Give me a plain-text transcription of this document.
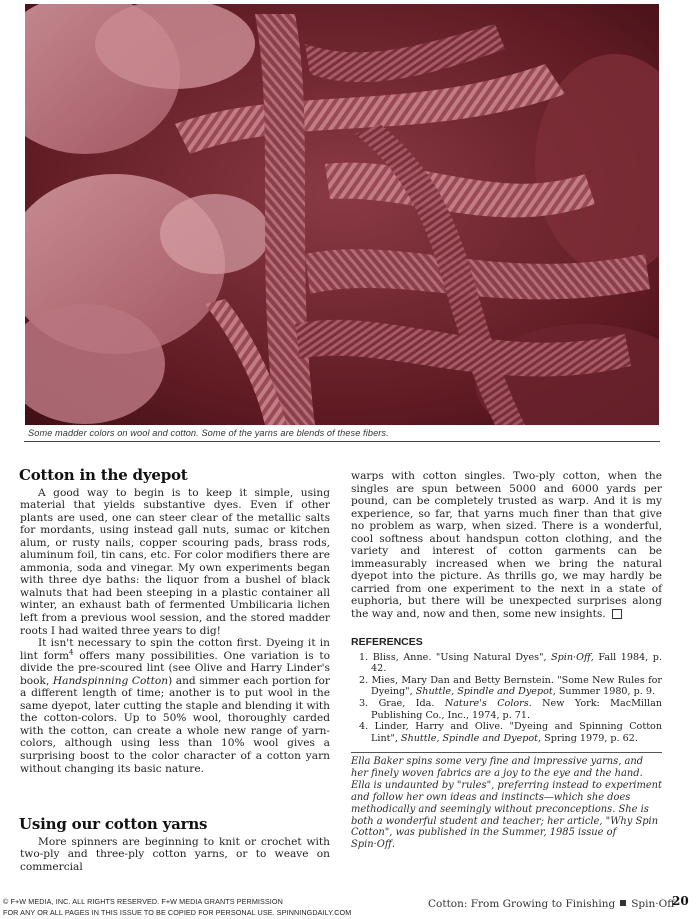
Some madder colors on wool and cotton. Some of the yarns are blends of these fibers.
Cotton in the dyepot

A good way to begin is to keep it simple, using material that yields substantive dyes. Even if other plants are used, one can steer clear of the metallic salts for mordants, using instead gall nuts, sumac or kitchen alum, or rusty nails, copper scouring pads, brass rods, aluminum foil, tin cans, etc. For color modifiers there are ammonia, soda and vinegar. My own experiments began with three dye baths: the liquor from a bushel of black walnuts that had been steeping in a plastic container all winter, an exhaust bath of fermented Umbilicaria lichen left from a previous wool session, and the stored madder roots I had waited three years to dig!

It isn't necessary to spin the cotton first. Dyeing it in lint form$^4$ offers many possibilities. One variation is to divide the pre-scoured lint (see Olive and Harry Linder's book, Handspinning Cotton) and simmer each portion for a different length of time; another is to put wool in the same dyepot, later cutting the staple and blending it with the cotton-colors. Up to 50% wool, thoroughly carded with the cotton, can create a whole new range of yarn-colors, although using less than 10% wool gives a surprising boost to the color character of a cotton yarn without changing its basic nature.

Using our cotton yarns

More spinners are beginning to knit or crochet with two-ply and three-ply cotton yarns, or to weave on commercial

warps with cotton singles. Two-ply cotton, when the singles are spun between 5000 and 6000 yards per pound, can be completely trusted as warp. And it is my experience, so far, that yarns much finer than that give no problem as warp, when sized. There is a wonderful, cool softness about handspun cotton clothing, and the variety and interest of cotton garments can be immeasurably increased when we bring the natural dyepot into the picture. As thrills go, we may hardly be carried from one experiment to the next in a state of euphoria, but there will be unexpected surprises along the way and, now and then, some new insights.

REFERENCES

1. Bliss, Anne. "Using Natural Dyes", Spin·Off, Fall 1984, p. 42.

2. Mies, Mary Dan and Betty Bernstein. "Some New Rules for Dyeing", Shuttle, Spindle and Dyepot, Summer 1980, p. 9.

3. Grae, Ida. Nature's Colors. New York: MacMillan Publishing Co., Inc., 1974, p. 71.

4. Linder, Harry and Olive. "Dyeing and Spinning Cotton Lint", Shuttle, Spindle and Dyepot, Spring 1979, p. 62.

Ella Baker spins some very fine and impressive yarns, and her finely woven fabrics are a joy to the eye and the hand. Ella is undaunted by "rules", preferring instead to experiment and follow her own ideas and instincts—which she does methodically and seemingly without preconceptions. She is both a wonderful student and teacher; her article, "Why Spin Cotton", was published in the Summer, 1985 issue of Spin·Off.
© F+W MEDIA, INC. ALL RIGHTS RESERVED. F+W MEDIA GRANTS PERMISSION
FOR ANY OR ALL PAGES IN THIS ISSUE TO BE COPIED FOR PERSONAL USE. SPINNINGDAILY.COM
Cotton: From Growing to Finishing Spin·Off
20
